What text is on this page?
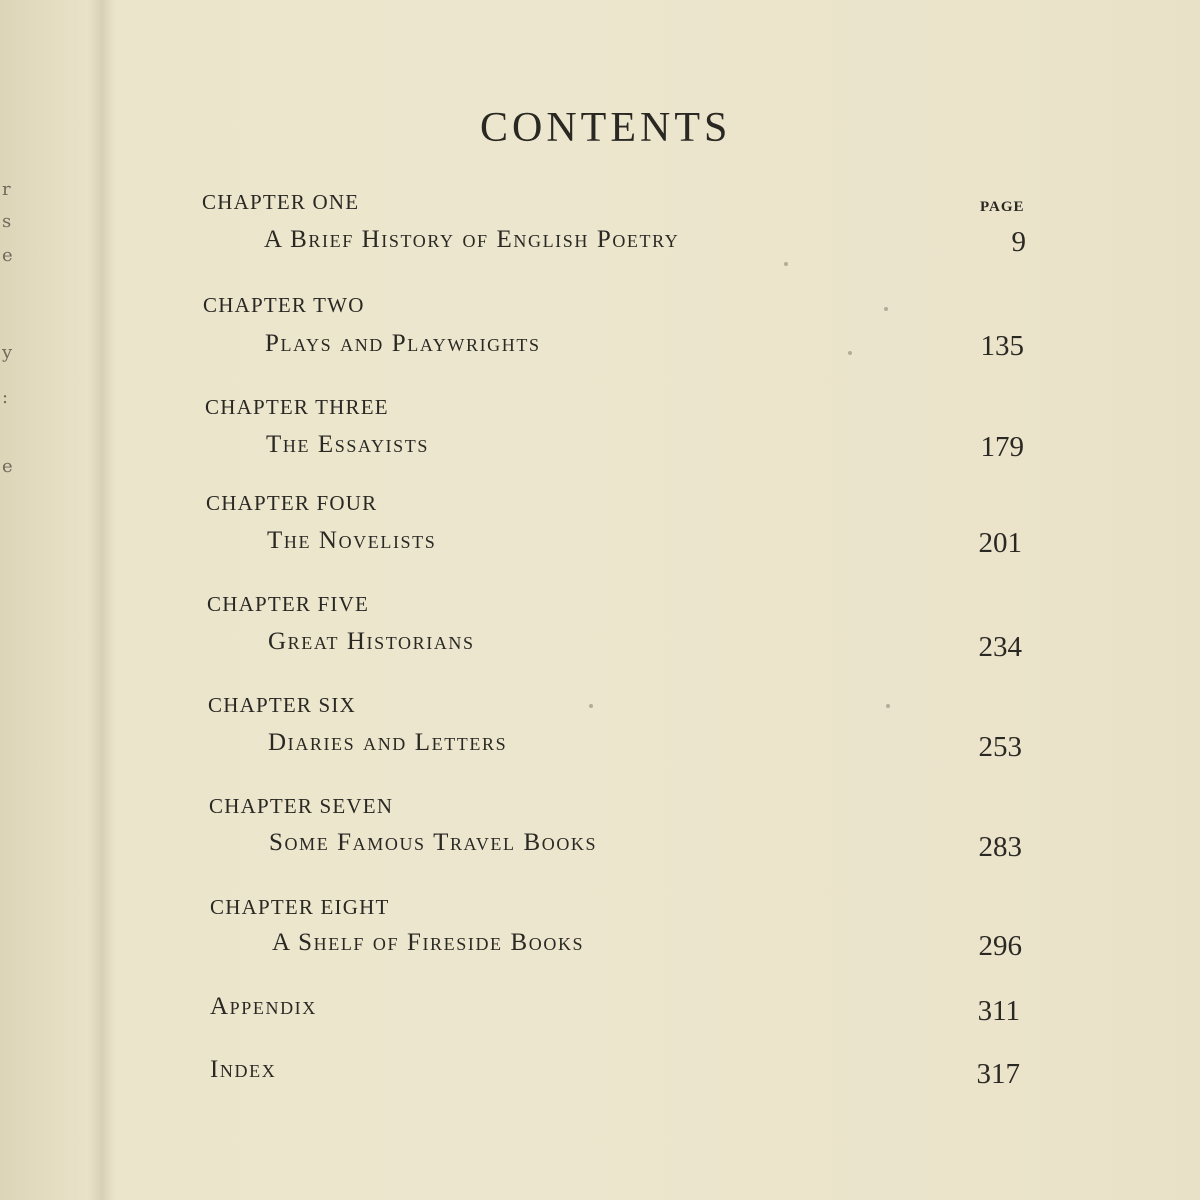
r
s
e
y
:
e
CONTENTS
PAGE
CHAPTER ONE
A Brief History of English Poetry	9
CHAPTER TWO
Plays and Playwrights	135
CHAPTER THREE
The Essayists	179
CHAPTER FOUR
The Novelists	201
CHAPTER FIVE
Great Historians	234
CHAPTER SIX
Diaries and Letters	253
CHAPTER SEVEN
Some Famous Travel Books	283
CHAPTER EIGHT
A Shelf of Fireside Books	296
Appendix	311
Index	317
